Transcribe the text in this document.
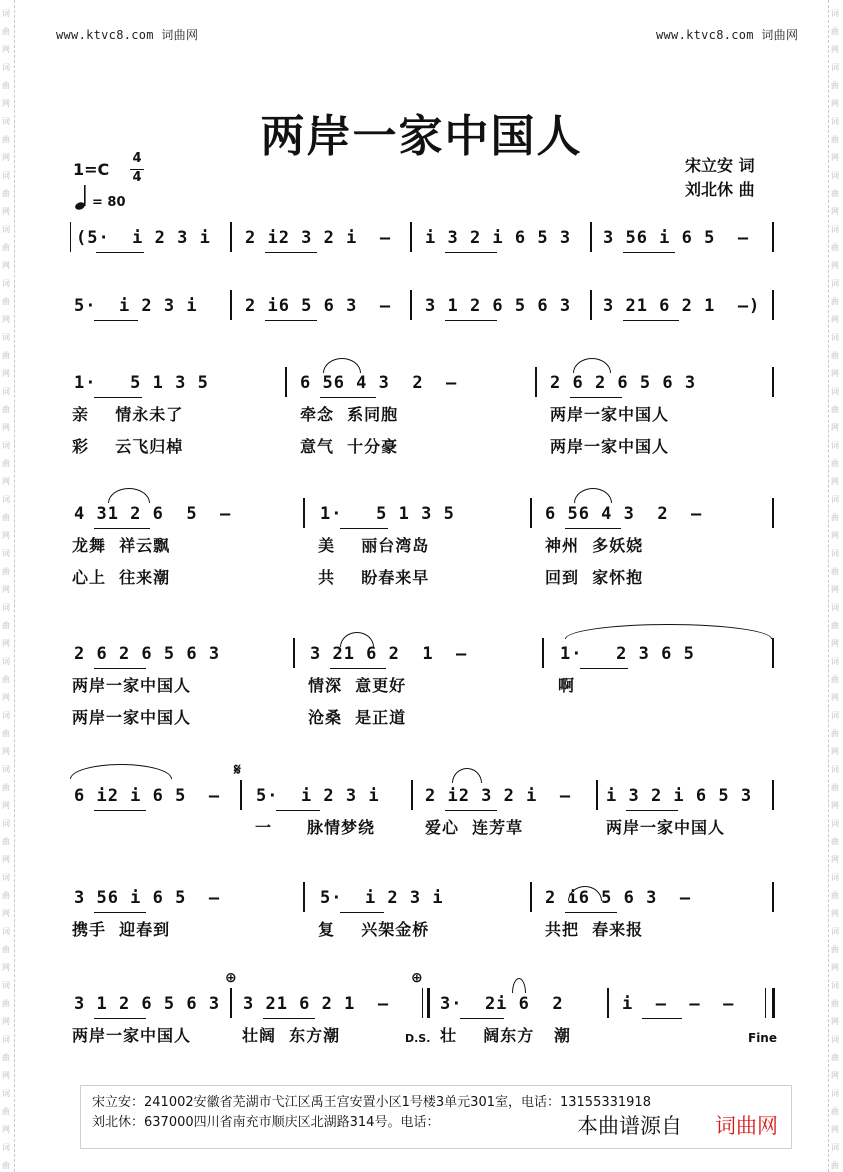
词
曲
网
词
曲
网
词
曲
网
词
曲
网
词
曲
网
词
曲
网
词
曲
网
词
曲
网
词
曲
网
词
曲
网
词
曲
网
词
曲
网
词
曲
网
词
曲
网
词
曲
网
词
曲
网
词
曲
网
词
曲
网
词
曲
网
词
曲
网
词
曲
网
词
曲
词
曲
网
词
曲
网
词
曲
网
词
曲
网
词
曲
网
词
曲
网
词
曲
网
词
曲
网
词
曲
网
词
曲
网
词
曲
网
词
曲
网
词
曲
网
词
曲
网
词
曲
网
词
曲
网
词
曲
网
词
曲
网
词
曲
网
词
曲
网
词
曲
网
词
曲
www.ktvc8.com 词曲网	www.ktvc8.com 词曲网
两岸一家中国人
1=C
4
4
= 80
宋立安 词
刘北休 曲
(5·  i 2 3 i 2 i2 3 2 i  – i 3 2 i 6 5 3 3 56 i 6 5  –
5·  i 2 3 i	2 i6 5 6 3  – 3 1 2 6 5 6 3 3 21 6 2 1  –)
1·   5 1 3 5	6 56 4 3  2  –	2 6 2 6 5 6 3
亲    情永未了	牵念  系同胞	两岸一家中国人
彩    云飞归棹	意气  十分豪	两岸一家中国人
4 31 2 6  5  –	1·   5 1 3 5	6 56 4 3  2  –
龙舞  祥云飘	美    丽台湾岛	神州  多妖娆
心上  往来潮	共    盼春来早	回到  家怀抱
2 6 2 6 5 6 3	3 21 6 2  1  –	1·   2 3 6 5
两岸一家中国人	情深  意更好	啊
两岸一家中国人	沧桑  是正道
6 i2 i 6 5  – 5·  i 2 3 i	2 i2 3 2 i  – i 3 2 i 6 5 3
一 脉情梦绕	爱心  连芳草	两岸一家中国人
3 56 i 6 5  –	5·  i 2 3 i	2 i6 5 6 3  –
携手  迎春到	复    兴架金桥	共把  春来报
3 1 2 6 5 6 3 3 21 6 2 1  –	3·  2i 6  2	i  –  –  –
两岸一家中国人	壮阔  东方潮	壮    阔东方   潮
宋立安：241002安徽省芜湖市弋江区禹王宫安置小区1号楼3单元301室，电话：13155331918
刘北休：637000四川省南充市顺庆区北湖路314号。电话：	本曲谱源自 词曲网
𝄋
⊕	⊕
D.S.	Fine
